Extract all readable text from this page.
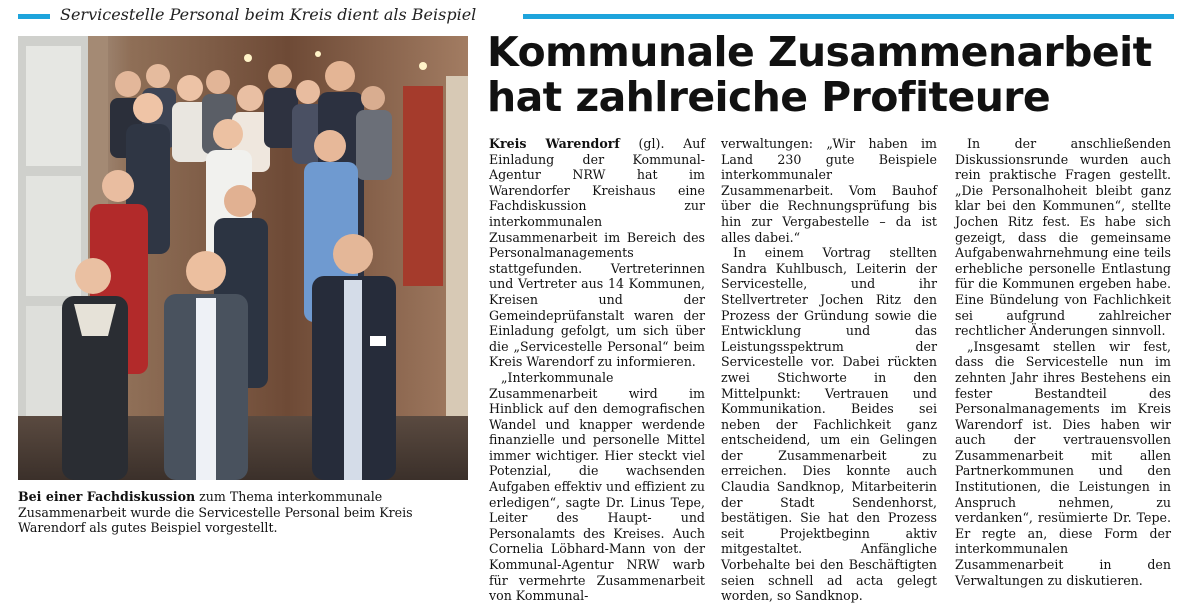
Servicestelle Personal beim Kreis dient als Beispiel
Bei einer Fachdiskussion zum Thema interkommunale Zusammenarbeit wurde die Servicestelle Personal beim Kreis Warendorf als gutes Beispiel vorgestellt.
Kommunale Zusammenarbeit
hat zahlreiche Profiteure

Kreis Warendorf (gl). Auf Einladung der Kommunal-Agentur NRW hat im Warendorfer Kreishaus eine Fachdiskussion zur interkommunalen Zusammenarbeit im Bereich des Personalmanagements stattgefunden. Vertreterinnen und Vertreter aus 14 Kommunen, Kreisen und der Gemeindeprüfanstalt waren der Einladung gefolgt, um sich über die „Servicestelle Personal“ beim Kreis Warendorf zu informieren.

„Interkommunale Zusammenarbeit wird im Hinblick auf den demografischen Wandel und knapper werdende finanzielle und personelle Mittel immer wichtiger. Hier steckt viel Potenzial, die wachsenden Aufgaben effektiv und effizient zu erledigen“, sagte Dr. Linus Tepe, Leiter des Haupt- und Personalamts des Kreises. Auch Cornelia Löbhard-Mann von der Kommunal-Agentur NRW warb für vermehrte Zusammenarbeit von Kommunal-

verwaltungen: „Wir haben im Land 230 gute Beispiele interkommunaler Zusammenarbeit. Vom Bauhof über die Rechnungsprüfung bis hin zur Vergabestelle – da ist alles dabei.“

In einem Vortrag stellten Sandra Kuhlbusch, Leiterin der Servicestelle, und ihr Stellvertreter Jochen Ritz den Prozess der Gründung sowie die Entwicklung und das Leistungsspektrum der Servicestelle vor. Dabei rückten zwei Stichworte in den Mittelpunkt: Vertrauen und Kommunikation. Beides sei neben der Fachlichkeit ganz entscheidend, um ein Gelingen der Zusammenarbeit zu erreichen. Dies konnte auch Claudia Sandknop, Mitarbeiterin der Stadt Sendenhorst, bestätigen. Sie hat den Prozess seit Projektbeginn aktiv mitgestaltet. Anfängliche Vorbehalte bei den Beschäftigten seien schnell ad acta gelegt worden, so Sandknop.

In der anschließenden Diskussionsrunde wurden auch rein praktische Fragen gestellt. „Die Personalhoheit bleibt ganz klar bei den Kommunen“, stellte Jochen Ritz fest. Es habe sich gezeigt, dass die gemeinsame Aufgabenwahrnehmung eine teils erhebliche personelle Entlastung für die Kommunen ergeben habe. Eine Bündelung von Fachlichkeit sei aufgrund zahlreicher rechtlicher Änderungen sinnvoll.

„Insgesamt stellen wir fest, dass die Servicestelle nun im zehnten Jahr ihres Bestehens ein fester Bestandteil des Personalmanagements im Kreis Warendorf ist. Dies haben wir auch der vertrauensvollen Zusammenarbeit mit allen Partnerkommunen und den Institutionen, die Leistungen in Anspruch nehmen, zu verdanken“, resümierte Dr. Tepe. Er regte an, diese Form der interkommunalen Zusammenarbeit in den Verwaltungen zu diskutieren.
